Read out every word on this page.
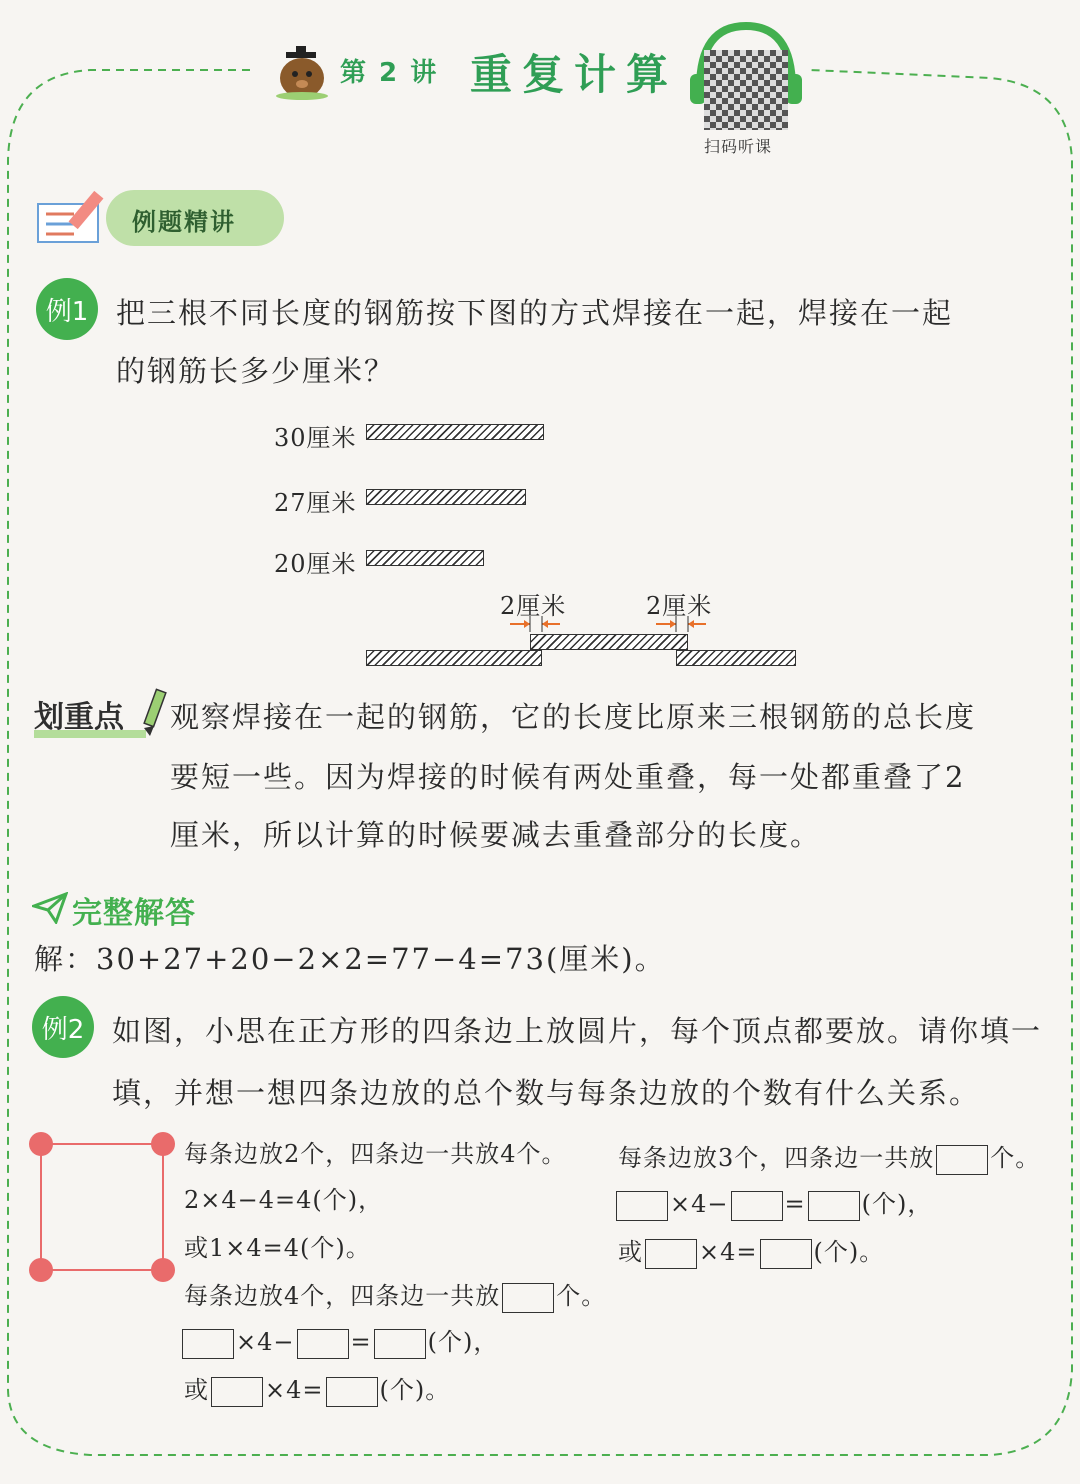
第 2 讲 重复计算
扫码听课
例题精讲
例1 把三根不同长度的钢筋按下图的方式焊接在一起，焊接在一起
的钢筋长多少厘米？
30厘米
27厘米
20厘米
2厘米	2厘米
划重点 观察焊接在一起的钢筋，它的长度比原来三根钢筋的总长度
要短一些。因为焊接的时候有两处重叠，每一处都重叠了2
厘米，所以计算的时候要减去重叠部分的长度。
完整解答
解：30+27+20−2×2=77−4=73(厘米)。
例2 如图，小思在正方形的四条边上放圆片，每个顶点都要放。请你填一
填，并想一想四条边放的总个数与每条边放的个数有什么关系。
每条边放2个，四条边一共放4个。
2×4−4=4(个)，
或1×4=4(个)。
每条边放4个，四条边一共放 个。
×4− = (个)，
或 ×4= (个)。
每条边放3个，四条边一共放 个。
×4− = (个)，
或 ×4= (个)。
